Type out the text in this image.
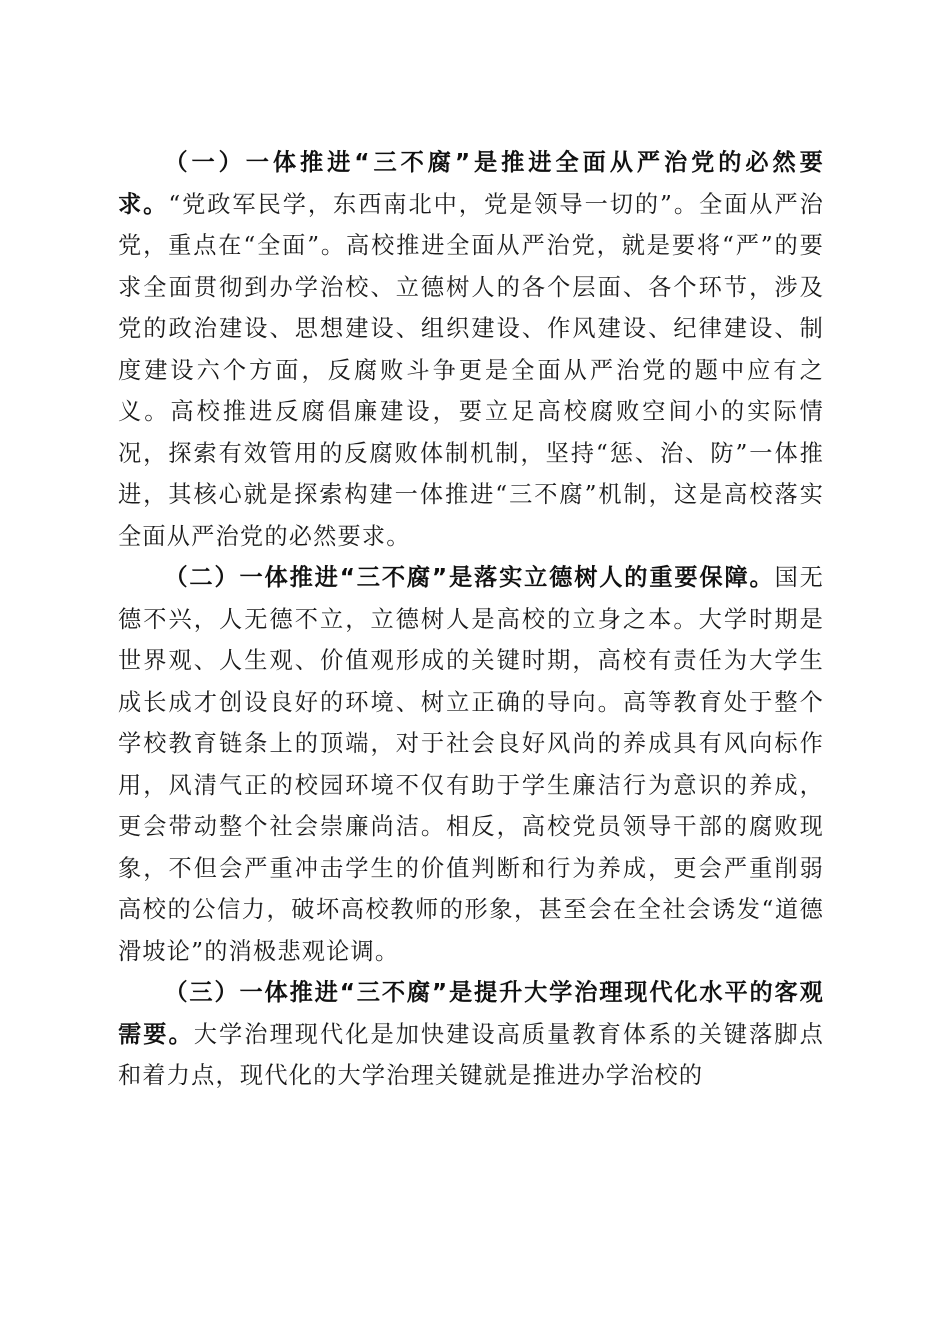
（一）一体推进“三不腐”是推进全面从严治党的必然要求。“党政军民学，东西南北中，党是领导一切的”。全面从严治党，重点在“全面”。高校推进全面从严治党，就是要将“严”的要求全面贯彻到办学治校、立德树人的各个层面、各个环节，涉及党的政治建设、思想建设、组织建设、作风建设、纪律建设、制度建设六个方面，反腐败斗争更是全面从严治党的题中应有之义。高校推进反腐倡廉建设，要立足高校腐败空间小的实际情况，探索有效管用的反腐败体制机制，坚持“惩、治、防”一体推进，其核心就是探索构建一体推进“三不腐”机制，这是高校落实全面从严治党的必然要求。

（二）一体推进“三不腐”是落实立德树人的重要保障。国无德不兴，人无德不立，立德树人是高校的立身之本。大学时期是世界观、人生观、价值观形成的关键时期，高校有责任为大学生成长成才创设良好的环境、树立正确的导向。高等教育处于整个学校教育链条上的顶端，对于社会良好风尚的养成具有风向标作用，风清气正的校园环境不仅有助于学生廉洁行为意识的养成，更会带动整个社会崇廉尚洁。相反，高校党员领导干部的腐败现象，不但会严重冲击学生的价值判断和行为养成，更会严重削弱高校的公信力，破坏高校教师的形象，甚至会在全社会诱发“道德滑坡论”的消极悲观论调。

（三）一体推进“三不腐”是提升大学治理现代化水平的客观需要。大学治理现代化是加快建设高质量教育体系的关键落脚点和着力点，现代化的大学治理关键就是推进办学治校的
